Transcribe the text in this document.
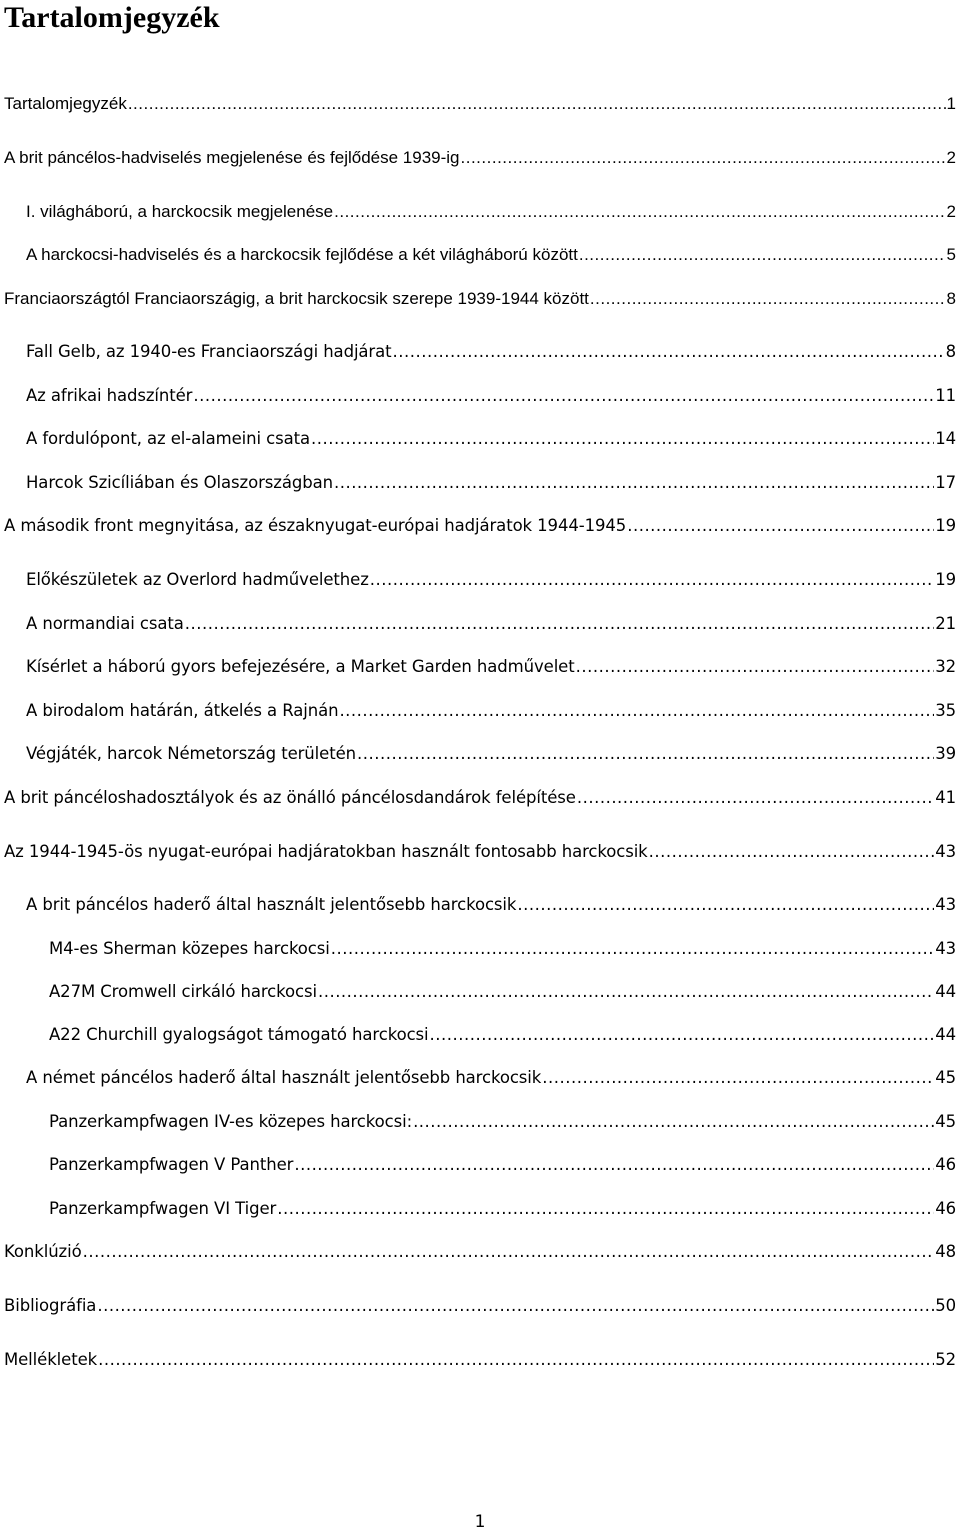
Tartalomjegyzék
Tartalomjegyzék .....	1
A brit páncélos-hadviselés megjelenése és fejlődése 1939-ig .....	2
I. világháború, a harckocsik megjelenése .....	2
A harckocsi-hadviselés és a harckocsik fejlődése a két világháború között .....	5
Franciaországtól Franciaországig, a brit harckocsik szerepe 1939-1944 között .....	8
Fall Gelb, az 1940-es Franciaországi hadjárat .....	8
Az afrikai hadszíntér .....	11
A fordulópont, az el-alameini csata .....	14
Harcok Szicíliában és Olaszországban .....	17
A második front megnyitása, az északnyugat-európai hadjáratok 1944-1945 .....	19
Előkészületek az Overlord hadművelethez .....	19
A normandiai csata .....	21
Kísérlet a háború gyors befejezésére, a Market Garden hadművelet .....	32
A birodalom határán, átkelés a Rajnán .....	35
Végjáték, harcok Németország területén .....	39
A brit páncéloshadosztályok és az önálló páncélosdandárok felépítése .....	41
Az 1944-1945-ös nyugat-európai hadjáratokban használt fontosabb harckocsik .....	43
A brit páncélos haderő által használt jelentősebb harckocsik .....	43
M4-es Sherman közepes harckocsi .....	43
A27M Cromwell cirkáló harckocsi .....	44
A22 Churchill gyalogságot támogató harckocsi .....	44
A német páncélos haderő által használt jelentősebb harckocsik .....	45
Panzerkampfwagen IV-es közepes harckocsi: .....	45
Panzerkampfwagen V Panther .....	46
Panzerkampfwagen VI Tiger .....	46
Konklúzió .....	48
Bibliográfia .....	50
Mellékletek .....	52
1
